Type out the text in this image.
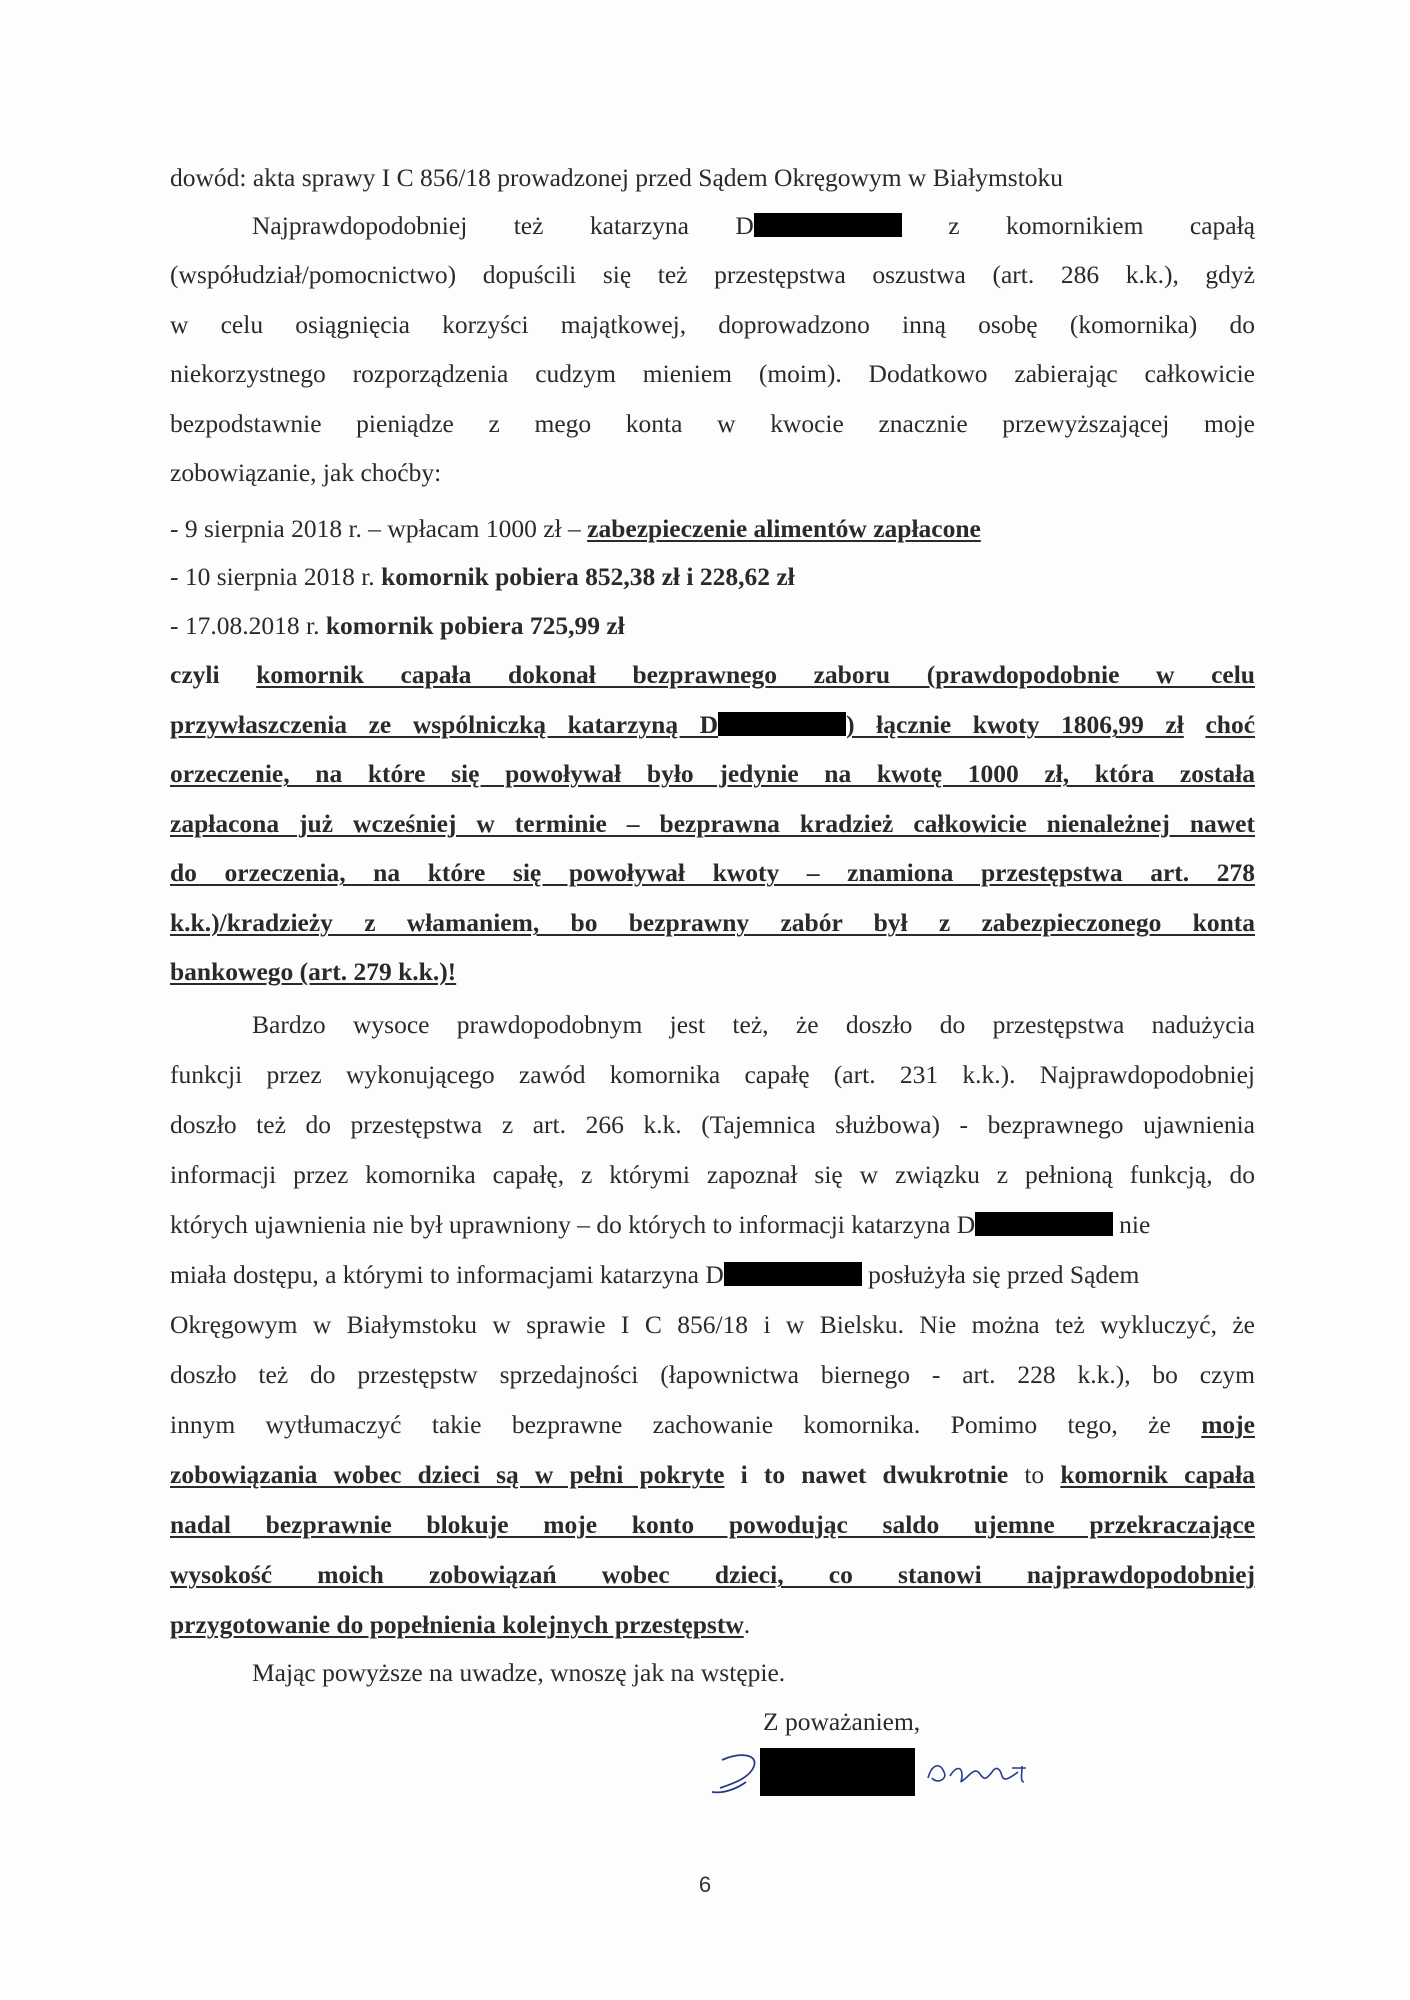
dowód: akta sprawy I C 856/18 prowadzonej przed Sądem Okręgowym w Białymstoku
Najprawdopodobniej też katarzyna D	z komornikiem capałą
(współudział/pomocnictwo) dopuścili się też przestępstwa oszustwa (art. 286 k.k.), gdyż
w celu osiągnięcia korzyści majątkowej, doprowadzono inną osobę (komornika) do
niekorzystnego rozporządzenia cudzym mieniem (moim). Dodatkowo zabierając całkowicie
bezpodstawnie pieniądze z mego konta w kwocie znacznie przewyższającej moje
zobowiązanie, jak choćby:
- 9 sierpnia 2018 r. – wpłacam 1000 zł – zabezpieczenie alimentów zapłacone
- 10 sierpnia 2018 r. komornik pobiera 852,38 zł i 228,62 zł
- 17.08.2018 r. komornik pobiera 725,99 zł
czyli komornik capała dokonał bezprawnego zaboru (prawdopodobnie w celu
przywłaszczenia ze wspólniczką katarzyną D	) łącznie kwoty 1806,99 zł choć
orzeczenie, na które się powoływał było jedynie na kwotę 1000 zł, która została
zapłacona już wcześniej w terminie – bezprawna kradzież całkowicie nienależnej nawet
do orzeczenia, na które się powoływał kwoty – znamiona przestępstwa art. 278
k.k.)/kradzieży z włamaniem, bo bezprawny zabór był z zabezpieczonego konta
bankowego (art. 279 k.k.)!
Bardzo wysoce prawdopodobnym jest też, że doszło do przestępstwa nadużycia
funkcji przez wykonującego zawód komornika capałę (art. 231 k.k.). Najprawdopodobniej
doszło też do przestępstwa z art. 266 k.k. (Tajemnica służbowa) - bezprawnego ujawnienia
informacji przez komornika capałę, z którymi zapoznał się w związku z pełnioną funkcją, do
których ujawnienia nie był uprawniony – do których to informacji katarzyna D	nie
miała dostępu, a którymi to informacjami katarzyna D	posłużyła się przed Sądem
Okręgowym w Białymstoku w sprawie I C 856/18 i w Bielsku. Nie można też wykluczyć, że
doszło też do przestępstw sprzedajności (łapownictwa biernego - art. 228 k.k.), bo czym
innym wytłumaczyć takie bezprawne zachowanie komornika. Pomimo tego, że moje
zobowiązania wobec dzieci są w pełni pokryte i to nawet dwukrotnie to komornik capała
nadal bezprawnie blokuje moje konto powodując saldo ujemne przekraczające
wysokość moich zobowiązań wobec dzieci, co stanowi najprawdopodobniej
przygotowanie do popełnienia kolejnych przestępstw.
Mając powyższe na uwadze, wnoszę jak na wstępie.
Z poważaniem,
6
